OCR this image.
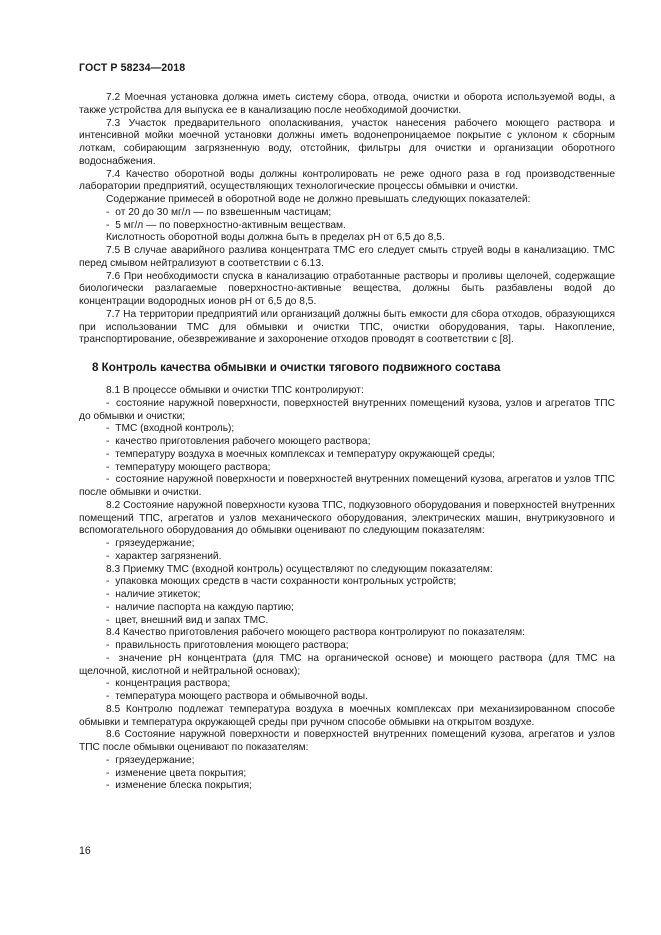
ГОСТ Р 58234—2018

7.2 Моечная установка должна иметь систему сбора, отвода, очистки и оборота используемой воды, а также устройства для выпуска ее в канализацию после необходимой доочистки.

7.3 Участок предварительного ополаскивания, участок нанесения рабочего моющего раствора и интенсивной мойки моечной установки должны иметь водонепроницаемое покрытие с уклоном к сборным лоткам, собирающим загрязненную воду, отстойник, фильтры для очистки и организации оборотного водоснабжения.

7.4 Качество оборотной воды должны контролировать не реже одного раза в год производственные лаборатории предприятий, осуществляющих технологические процессы обмывки и очистки.

Содержание примесей в оборотной воде не должно превышать следующих показателей:

- от 20 до 30 мг/л — по взвешенным частицам;

- 5 мг/л — по поверхностно-активным веществам.

Кислотность оборотной воды должна быть в пределах рН от 6,5 до 8,5.

7.5 В случае аварийного разлива концентрата ТМС его следует смыть струей воды в канализацию. ТМС перед смывом нейтрализуют в соответствии с 6.13.

7.6 При необходимости спуска в канализацию отработанные растворы и проливы щелочей, содержащие биологически разлагаемые поверхностно-активные вещества, должны быть разбавлены водой до концентрации водородных ионов рН от 6,5 до 8,5.

7.7 На территории предприятий или организаций должны быть емкости для сбора отходов, образующихся при использовании ТМС для обмывки и очистки ТПС, очистки оборудования, тары. Накопление, транспортирование, обезвреживание и захоронение отходов проводят в соответствии с [8].

8 Контроль качества обмывки и очистки тягового подвижного состава

8.1 В процессе обмывки и очистки ТПС контролируют:

- состояние наружной поверхности, поверхностей внутренних помещений кузова, узлов и агрегатов ТПС до обмывки и очистки;

- ТМС (входной контроль);

- качество приготовления рабочего моющего раствора;

- температуру воздуха в моечных комплексах и температуру окружающей среды;

- температуру моющего раствора;

- состояние наружной поверхности и поверхностей внутренних помещений кузова, агрегатов и узлов ТПС после обмывки и очистки.

8.2 Состояние наружной поверхности кузова ТПС, подкузовного оборудования и поверхностей внутренних помещений ТПС, агрегатов и узлов механического оборудования, электрических машин, внутрикузовного и вспомогательного оборудования до обмывки оценивают по следующим показателям:

- грязеудержание;

- характер загрязнений.

8.3 Приемку ТМС (входной контроль) осуществляют по следующим показателям:

- упаковка моющих средств в части сохранности контрольных устройств;

- наличие этикеток;

- наличие паспорта на каждую партию;

- цвет, внешний вид и запах ТМС.

8.4 Качество приготовления рабочего моющего раствора контролируют по показателям:

- правильность приготовления моющего раствора;

- значение рН концентрата (для ТМС на органической основе) и моющего раствора (для ТМС на щелочной, кислотной и нейтральной основах);

- концентрация раствора;

- температура моющего раствора и обмывочной воды.

8.5 Контролю подлежат температура воздуха в моечных комплексах при механизированном способе обмывки и температура окружающей среды при ручном способе обмывки на открытом воздухе.

8.6 Состояние наружной поверхности и поверхностей внутренних помещений кузова, агрегатов и узлов ТПС после обмывки оценивают по показателям:

- грязеудержание;

- изменение цвета покрытия;

- изменение блеска покрытия;

16
